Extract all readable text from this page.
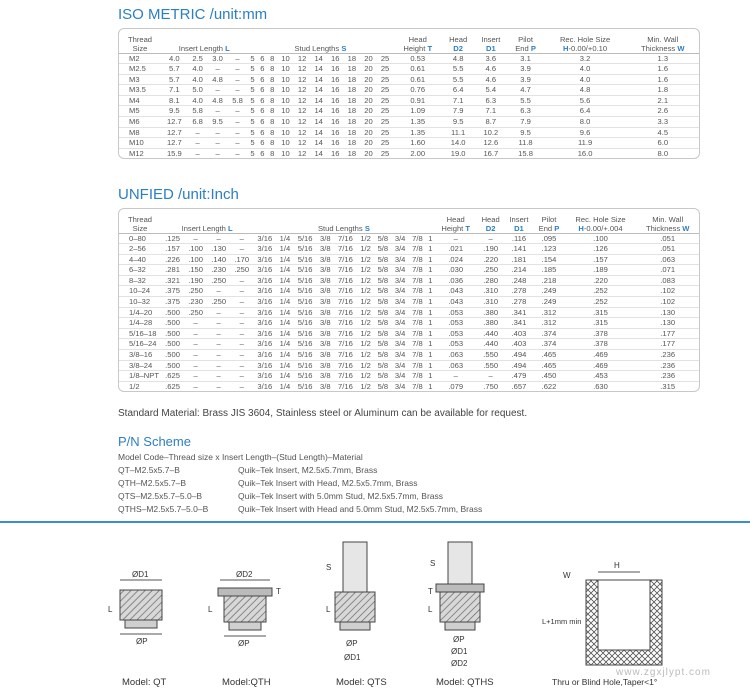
ISO METRIC /unit:mm
Thread
Size	Insert Length L				Stud Lengths S										Head
Height T	Head
D2	Insert
D1	Pilot
End P	Rec. Hole Size
H-0.00/+0.10	Min. Wall
Thickness W
M2	4.0	2.5	3.0	–	5	6	8	10	12	14	16	18	20	25	0.53	4.8	3.6	3.1	3.2	1.3
M2.5	5.7	4.0	–	–	5	6	8	10	12	14	16	18	20	25	0.61	5.5	4.6	3.9	4.0	1.6
M3	5.7	4.0	4.8	–	5	6	8	10	12	14	16	18	20	25	0.61	5.5	4.6	3.9	4.0	1.6
M3.5	7.1	5.0	–	–	5	6	8	10	12	14	16	18	20	25	0.76	6.4	5.4	4.7	4.8	1.8
M4	8.1	4.0	4.8	5.8	5	6	8	10	12	14	16	18	20	25	0.91	7.1	6.3	5.5	5.6	2.1
M5	9.5	5.8	–	–	5	6	8	10	12	14	16	18	20	25	1.09	7.9	7.1	6.3	6.4	2.6
M6	12.7	6.8	9.5	–	5	6	8	10	12	14	16	18	20	25	1.35	9.5	8.7	7.9	8.0	3.3
M8	12.7	–	–	–	5	6	8	10	12	14	16	18	20	25	1.35	11.1	10.2	9.5	9.6	4.5
M10	12.7	–	–	–	5	6	8	10	12	14	16	18	20	25	1.60	14.0	12.6	11.8	11.9	6.0
M12	15.9	–	–	–	5	6	8	10	12	14	16	18	20	25	2.00	19.0	16.7	15.8	16.0	8.0
UNFIED /unit:Inch
Thread
Size	Insert Length L				Stud Lengths S										Head
Height T	Head
D2	Insert
D1	Pilot
End P	Rec. Hole Size
H-0.00/+.004	Min. Wall
Thickness W
0–80	.125	–	–	–	3/16	1/4	5/16	3/8	7/16	1/2	5/8	3/4	7/8	1	–	–	.116	.095	.100	.051
2–56	.157	.100	.130	–	3/16	1/4	5/16	3/8	7/16	1/2	5/8	3/4	7/8	1	.021	.190	.141	.123	.126	.051
4–40	.226	.100	.140	.170	3/16	1/4	5/16	3/8	7/16	1/2	5/8	3/4	7/8	1	.024	.220	.181	.154	.157	.063
6–32	.281	.150	.230	.250	3/16	1/4	5/16	3/8	7/16	1/2	5/8	3/4	7/8	1	.030	.250	.214	.185	.189	.071
8–32	.321	.190	.250	–	3/16	1/4	5/16	3/8	7/16	1/2	5/8	3/4	7/8	1	.036	.280	.248	.218	.220	.083
10–24	.375	.250	–	–	3/16	1/4	5/16	3/8	7/16	1/2	5/8	3/4	7/8	1	.043	.310	.278	.249	.252	.102
10–32	.375	.230	.250	–	3/16	1/4	5/16	3/8	7/16	1/2	5/8	3/4	7/8	1	.043	.310	.278	.249	.252	.102
1/4–20	.500	.250	–	–	3/16	1/4	5/16	3/8	7/16	1/2	5/8	3/4	7/8	1	.053	.380	.341	.312	.315	.130
1/4–28	.500	–	–	–	3/16	1/4	5/16	3/8	7/16	1/2	5/8	3/4	7/8	1	.053	.380	.341	.312	.315	.130
5/16–18	.500	–	–	–	3/16	1/4	5/16	3/8	7/16	1/2	5/8	3/4	7/8	1	.053	.440	.403	.374	.378	.177
5/16–24	.500	–	–	–	3/16	1/4	5/16	3/8	7/16	1/2	5/8	3/4	7/8	1	.053	.440	.403	.374	.378	.177
3/8–16	.500	–	–	–	3/16	1/4	5/16	3/8	7/16	1/2	5/8	3/4	7/8	1	.063	.550	.494	.465	.469	.236
3/8–24	.500	–	–	–	3/16	1/4	5/16	3/8	7/16	1/2	5/8	3/4	7/8	1	.063	.550	.494	.465	.469	.236
1/8–NPT	.625	–	–	–	3/16	1/4	5/16	3/8	7/16	1/2	5/8	3/4	7/8	1	–	–	.479	.450	.453	.236
1/2	.625	–	–	–	3/16	1/4	5/16	3/8	7/16	1/2	5/8	3/4	7/8	1	.079	.750	.657	.622	.630	.315
Standard Material: Brass JIS 3604, Stainless steel or Aluminum can be available for request.
P/N Scheme
Model Code–Thread size x Insert Length–(Stud Length)–Material
QT–M2.5x5.7–B	Quik–Tek Insert, M2.5x5.7mm, Brass
QTH–M2.5x5.7–B	Quik–Tek Insert with Head, M2.5x5.7mm, Brass
QTS–M2.5x5.7–5.0–B	Quik–Tek Insert with 5.0mm Stud, M2.5x5.7mm, Brass
QTHS–M2.5x5.7–5.0–B	Quik–Tek Insert with Head and 5.0mm Stud, M2.5x5.7mm, Brass
ØD1
ØP
L
ØD2
ØP
L
T
S
L
ØP
ØD1
S
L
T
ØP
ØD1
ØD2
W
H
L+1mm min
Model: QT	Model:QTH	Model: QTS	Model: QTHS	Thru or Blind Hole,Taper<1°
www.zgxjlypt.com
